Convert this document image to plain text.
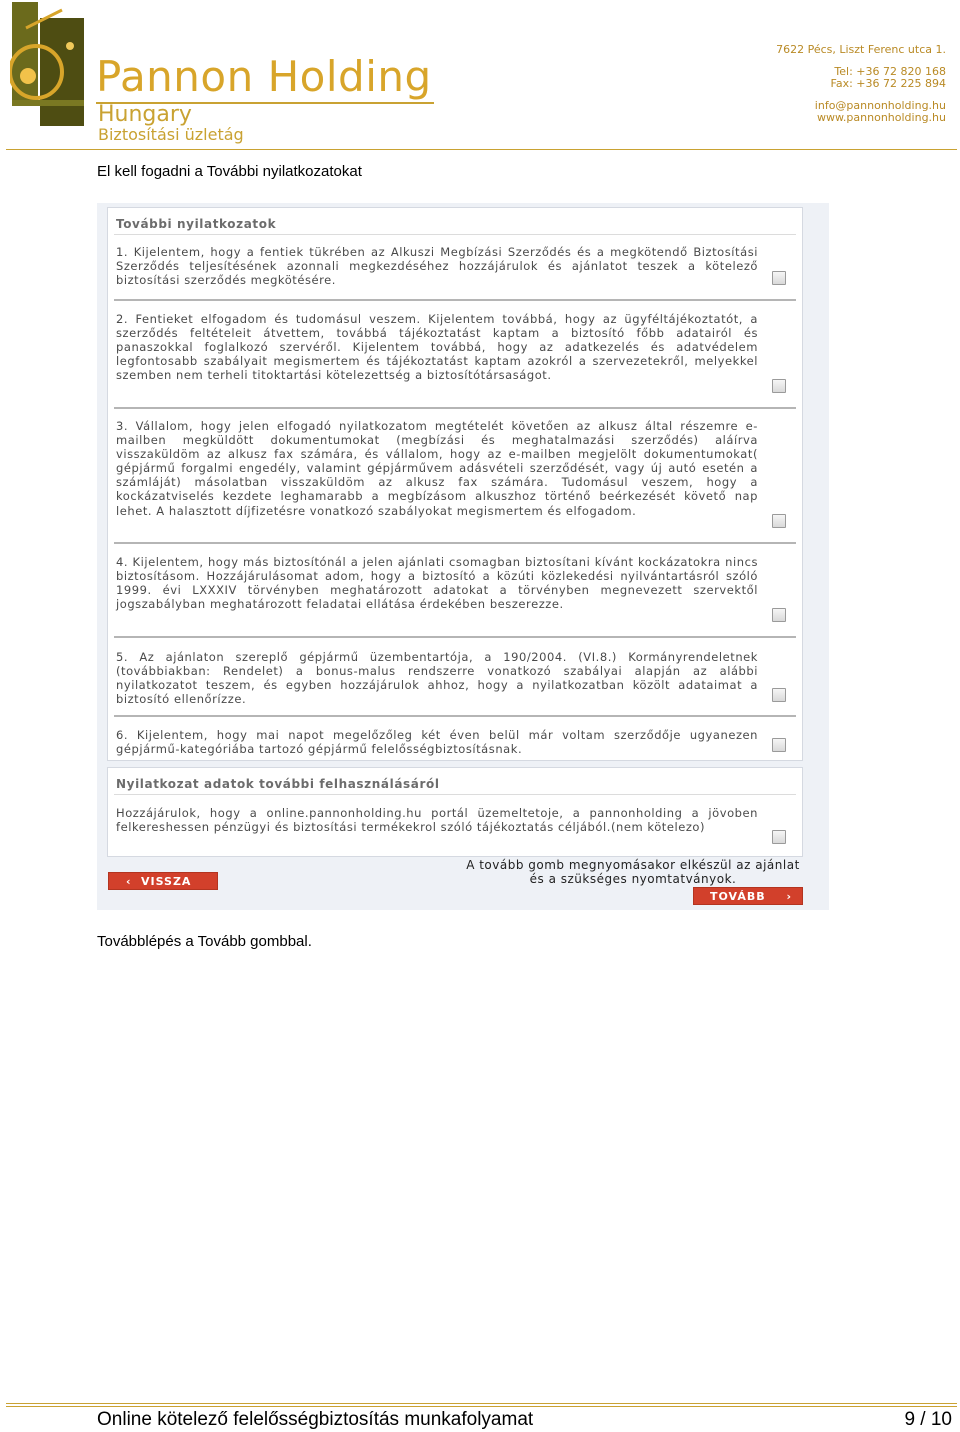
Pannon Holding
Hungary
Biztosítási üzletág
7622 Pécs, Liszt Ferenc utca 1.
Tel: +36 72 820 168
Fax: +36 72 225 894
info@pannonholding.hu
www.pannonholding.hu
El kell fogadni a További nyilatkozatokat
További nyilatkozatok
1. Kijelentem, hogy a fentiek tükrében az Alkuszi Megbízási Szerződés és a megkötendő Biztosítási Szerződés teljesítésének azonnali megkezdéséhez hozzájárulok és ajánlatot teszek a kötelező biztosítási szerződés megkötésére.
2. Fentieket elfogadom és tudomásul veszem. Kijelentem továbbá, hogy az ügyféltájékoztatót, a szerződés feltételeit átvettem, továbbá tájékoztatást kaptam a biztosító főbb adatairól és panaszokkal foglalkozó szervéről. Kijelentem továbbá, hogy az adatkezelés és adatvédelem legfontosabb szabályait megismertem és tájékoztatást kaptam azokról a szervezetekről, melyekkel szemben nem terheli titoktartási kötelezettség a biztosítótársaságot.
3. Vállalom, hogy jelen elfogadó nyilatkozatom megtételét követően az alkusz által részemre e-mailben megküldött dokumentumokat (megbízási és meghatalmazási szerződés) aláírva visszaküldöm az alkusz fax számára, és vállalom, hogy az e-mailben megjelölt dokumentumokat( gépjármű forgalmi engedély, valamint gépjárművem adásvételi szerződését, vagy új autó esetén a számláját) másolatban visszaküldöm az alkusz fax számára. Tudomásul veszem, hogy a kockázatviselés kezdete leghamarabb a megbízásom alkuszhoz történő beérkezését követő nap lehet. A halasztott díjfizetésre vonatkozó szabályokat megismertem és elfogadom.
4. Kijelentem, hogy más biztosítónál a jelen ajánlati csomagban biztosítani kívánt kockázatokra nincs biztosításom. Hozzájárulásomat adom, hogy a biztosító a közúti közlekedési nyilvántartásról szóló 1999. évi LXXXIV törvényben meghatározott adatokat a törvényben megnevezett szervektől jogszabályban meghatározott feladatai ellátása érdekében beszerezze.
5. Az ajánlaton szereplő gépjármű üzembentartója, a 190/2004. (VI.8.) Kormányrendeletnek (továbbiakban: Rendelet) a bonus-malus rendszerre vonatkozó szabályai alapján az alábbi nyilatkozatot teszem, és egyben hozzájárulok ahhoz, hogy a nyilatkozatban közölt adataimat a biztosító ellenőrízze.
6. Kijelentem, hogy mai napot megelőzőleg két éven belül már voltam szerződője ugyanezen gépjármű-kategóriába tartozó gépjármű felelősségbiztosításnak.
Nyilatkozat adatok további felhasználásáról
Hozzájárulok, hogy a online.pannonholding.hu portál üzemeltetoje, a pannonholding a jövoben felkereshessen pénzügyi és biztosítási termékekrol szóló tájékoztatás céljából.(nem kötelezo)
A tovább gomb megnyomásakor elkészül az ajánlat és a szükséges nyomtatványok.
‹ VISSZA
TOVÁBB ›
Továbblépés a Tovább gombbal.
Online kötelező felelősségbiztosítás munkafolyamat	9 / 10
